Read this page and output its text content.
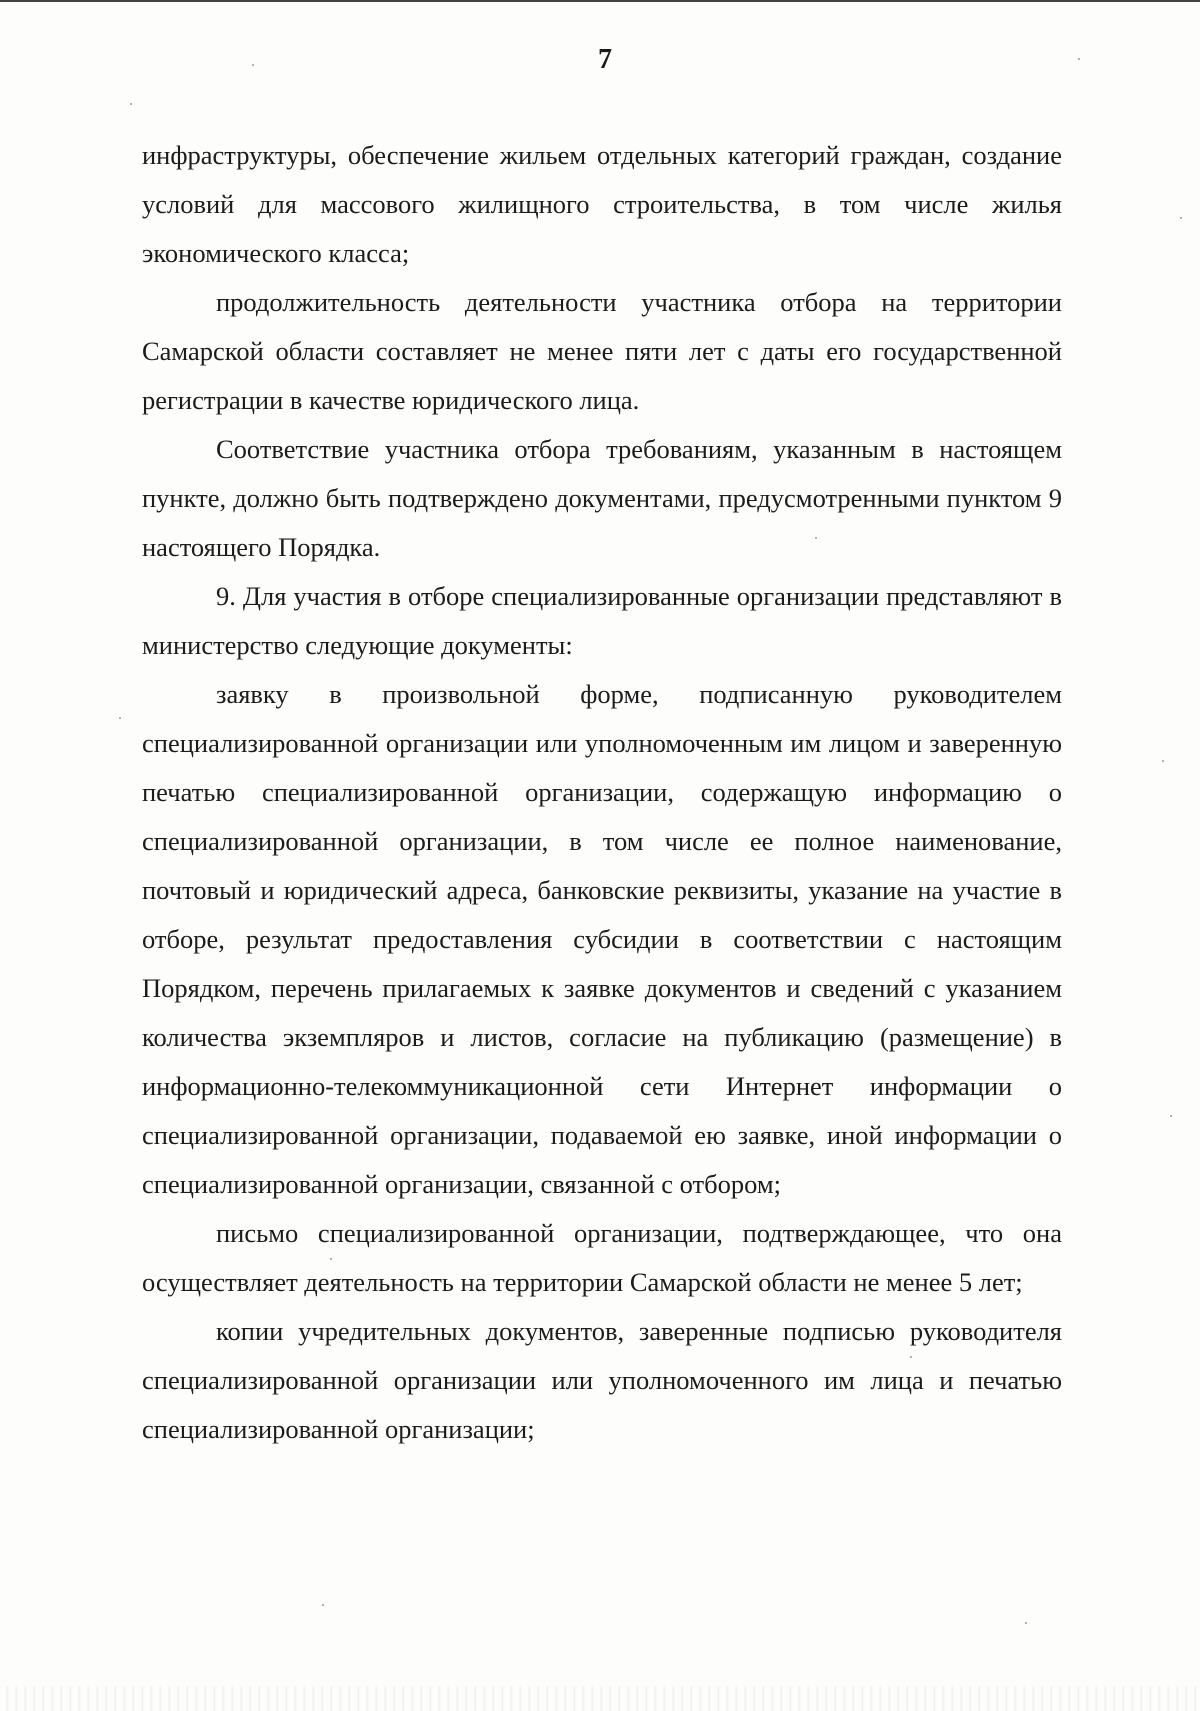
7

инфраструктуры, обеспечение жильем отдельных категорий граждан, создание условий для массового жилищного строительства, в том числе жилья экономического класса;

продолжительность деятельности участника отбора на территории Самарской области составляет не менее пяти лет с даты его государственной регистрации в качестве юридического лица.

Соответствие участника отбора требованиям, указанным в настоящем пункте, должно быть подтверждено документами, предусмотренными пунктом 9 настоящего Порядка.

9. Для участия в отборе специализированные организации представляют в министерство следующие документы:

заявку в произвольной форме, подписанную руководителем специализированной организации или уполномоченным им лицом и заверенную печатью специализированной организации, содержащую информацию о специализированной организации, в том числе ее полное наименование, почтовый и юридический адреса, банковские реквизиты, указание на участие в отборе, результат предоставления субсидии в соответствии с настоящим Порядком, перечень прилагаемых к заявке документов и сведений с указанием количества экземпляров и листов, согласие на публикацию (размещение) в информационно-телекоммуникационной сети Интернет информации о специализированной организации, подаваемой ею заявке, иной информации о специализированной организации, связанной с отбором;

письмо специализированной организации, подтверждающее, что она осуществляет деятельность на территории Самарской области не менее 5 лет;

копии учредительных документов, заверенные подписью руководителя специализированной организации или уполномоченного им лица и печатью специализированной организации;
